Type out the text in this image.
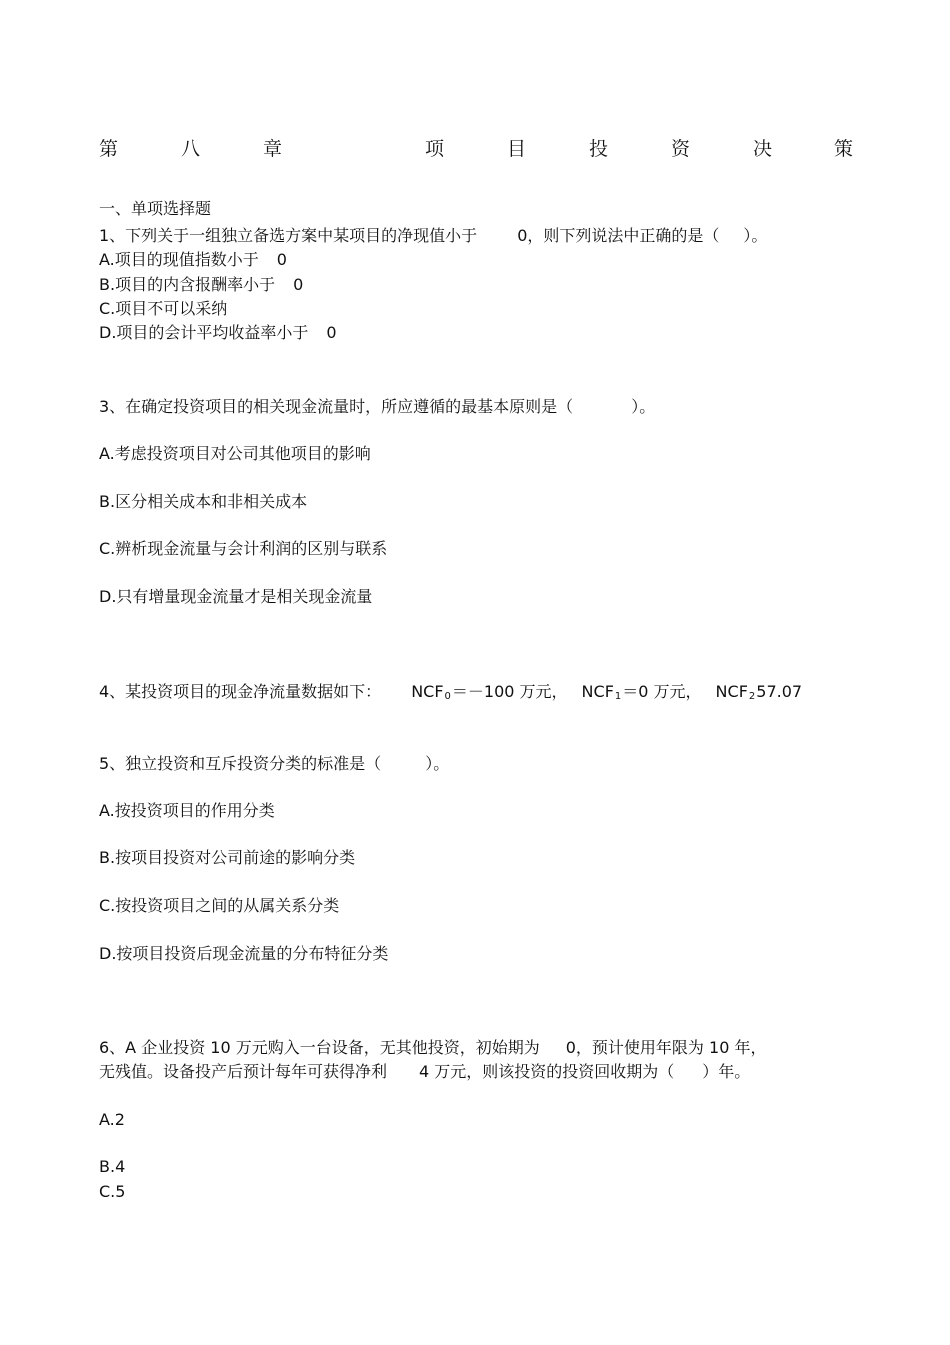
第	八	章	项	目	投	资	决	策
一、单项选择题
1、下列关于一组独立备选方案中某项目的净现值小于	0，则下列说法中正确的是（ ）。
A.项目的现值指数小于 0
B.项目的内含报酬率小于 0
C.项目不可以采纳
D.项目的会计平均收益率小于 0
3、在确定投资项目的相关现金流量时，所应遵循的最基本原则是（	）。
A.考虑投资项目对公司其他项目的影响
B.区分相关成本和非相关成本
C.辨析现金流量与会计利润的区别与联系
D.只有增量现金流量才是相关现金流量
4、某投资项目的现金净流量数据如下： $NCF_0=-100$ 万元， $NCF_1=0$ 万元， $NCF_257.07$
5、独立投资和互斥投资分类的标准是（	）。
A.按投资项目的作用分类
B.按项目投资对公司前途的影响分类
C.按投资项目之间的从属关系分类
D.按项目投资后现金流量的分布特征分类
6、A 企业投资 10 万元购入一台设备，无其他投资，初始期为 0，预计使用年限为 10 年，
无残值。设备投产后预计每年可获得净利 4 万元，则该投资的投资回收期为（ ）年。
A.2
B.4
C.5
